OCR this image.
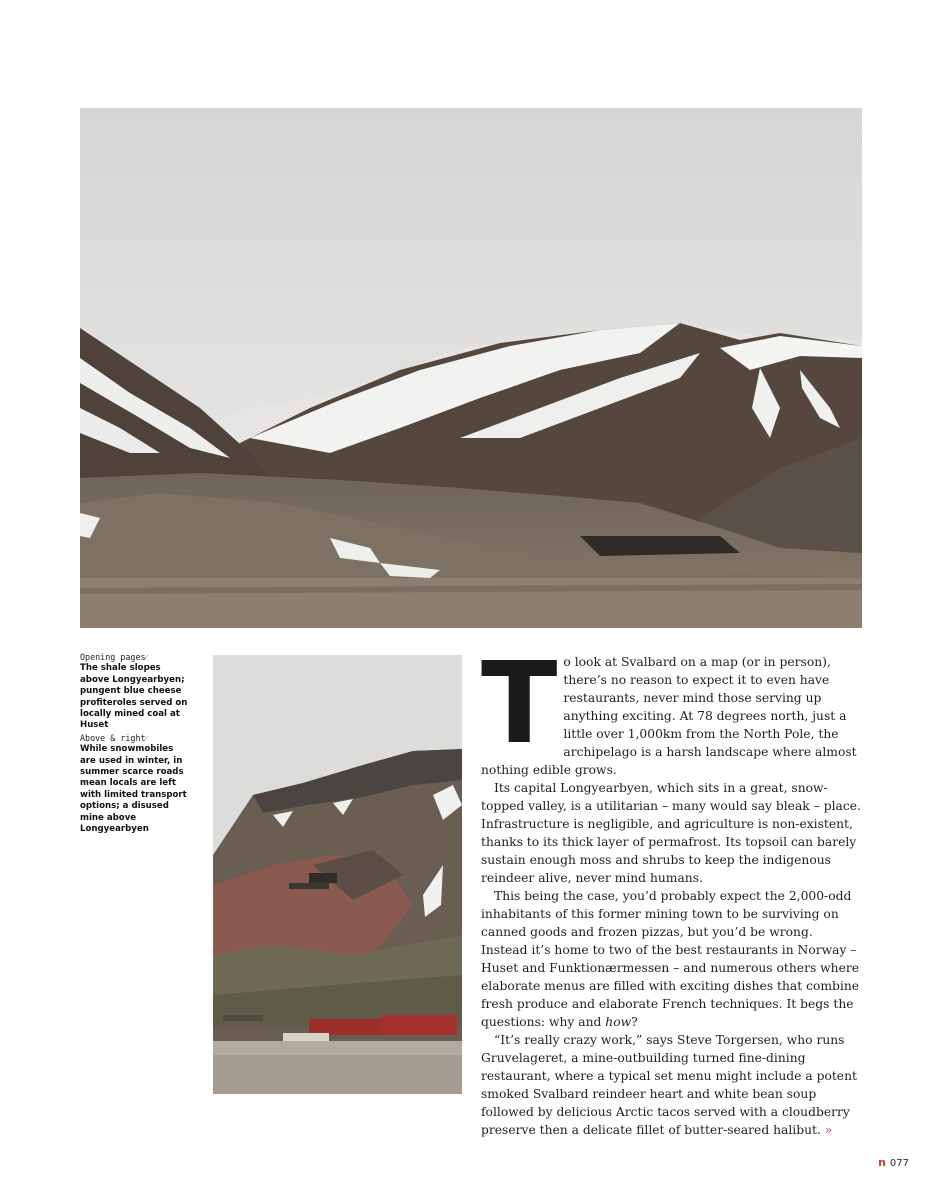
Opening pages⁄
The shale slopes above Longyearbyen; pungent blue cheese profiteroles served on locally mined coal at Huset
Above & right⁄
While snowmobiles are used in winter, in summer scarce roads mean locals are left with limited transport options; a disused mine above Longyearbyen

To look at Svalbard on a map (or in person), there’s no reason to expect it to even have restaurants, never mind those serving up anything exciting. At 78 degrees north, just a little over 1,000km from the North Pole, the archipelago is a harsh landscape where almost nothing edible grows.

Its capital Longyearbyen, which sits in a great, snow-topped valley, is a utilitarian – many would say bleak – place. Infrastructure is negligible, and agriculture is non-existent, thanks to its thick layer of permafrost. Its topsoil can barely sustain enough moss and shrubs to keep the indigenous reindeer alive, never mind humans.

This being the case, you’d probably expect the 2,000-odd inhabitants of this former mining town to be surviving on canned goods and frozen pizzas, but you’d be wrong. Instead it’s home to two of the best restaurants in Norway – Huset and Funktionærmessen – and numerous others where elaborate menus are filled with exciting dishes that combine fresh produce and elaborate French techniques. It begs the questions: why and how?

“It’s really crazy work,” says Steve Torgersen, who runs Gruvelageret, a mine-outbuilding turned fine-dining restaurant, where a typical set menu might include a potent smoked Svalbard reindeer heart and white bean soup followed by delicious Arctic tacos served with a cloudberry preserve then a delicate fillet of butter-seared halibut. »

n 077
